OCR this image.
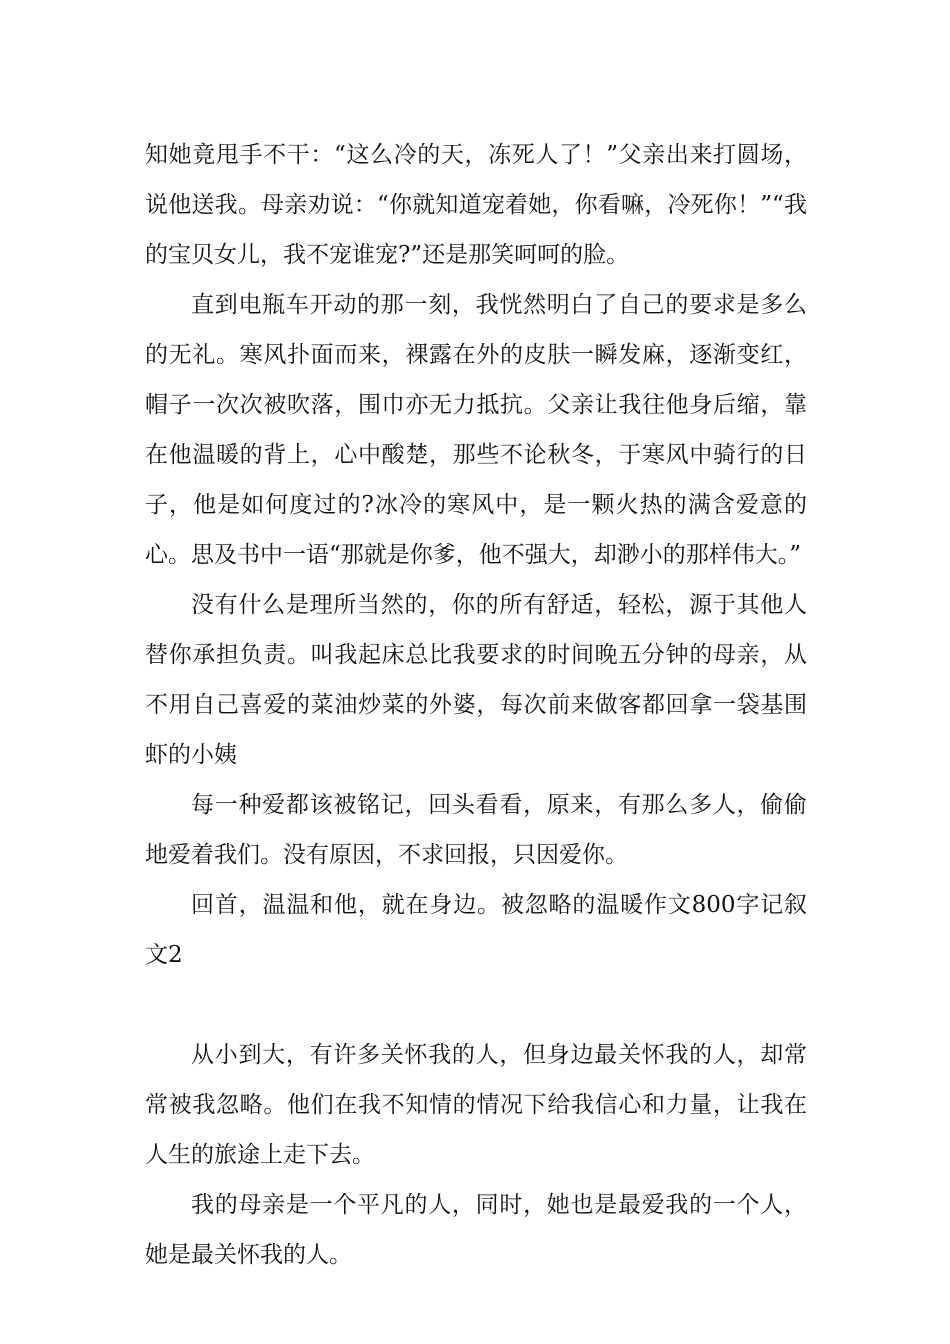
知她竟甩手不干：“这么冷的天，冻死人了！”父亲出来打圆场，说他送我。母亲劝说：“你就知道宠着她，你看嘛，冷死你！”“我的宝贝女儿，我不宠谁宠?”还是那笑呵呵的脸。

直到电瓶车开动的那一刻，我恍然明白了自己的要求是多么的无礼。寒风扑面而来，裸露在外的皮肤一瞬发麻，逐渐变红，帽子一次次被吹落，围巾亦无力抵抗。父亲让我往他身后缩，靠在他温暖的背上，心中酸楚，那些不论秋冬，于寒风中骑行的日子，他是如何度过的?冰冷的寒风中，是一颗火热的满含爱意的心。思及书中一语“那就是你爹，他不强大，却渺小的那样伟大。”

没有什么是理所当然的，你的所有舒适，轻松，源于其他人替你承担负责。叫我起床总比我要求的时间晚五分钟的母亲，从不用自己喜爱的菜油炒菜的外婆，每次前来做客都回拿一袋基围虾的小姨

每一种爱都该被铭记，回头看看，原来，有那么多人，偷偷地爱着我们。没有原因，不求回报，只因爱你。

回首，温温和他，就在身边。被忽略的温暖作文800字记叙文2

从小到大，有许多关怀我的人，但身边最关怀我的人，却常常被我忽略。他们在我不知情的情况下给我信心和力量，让我在人生的旅途上走下去。

我的母亲是一个平凡的人，同时，她也是最爱我的一个人，她是最关怀我的人。
